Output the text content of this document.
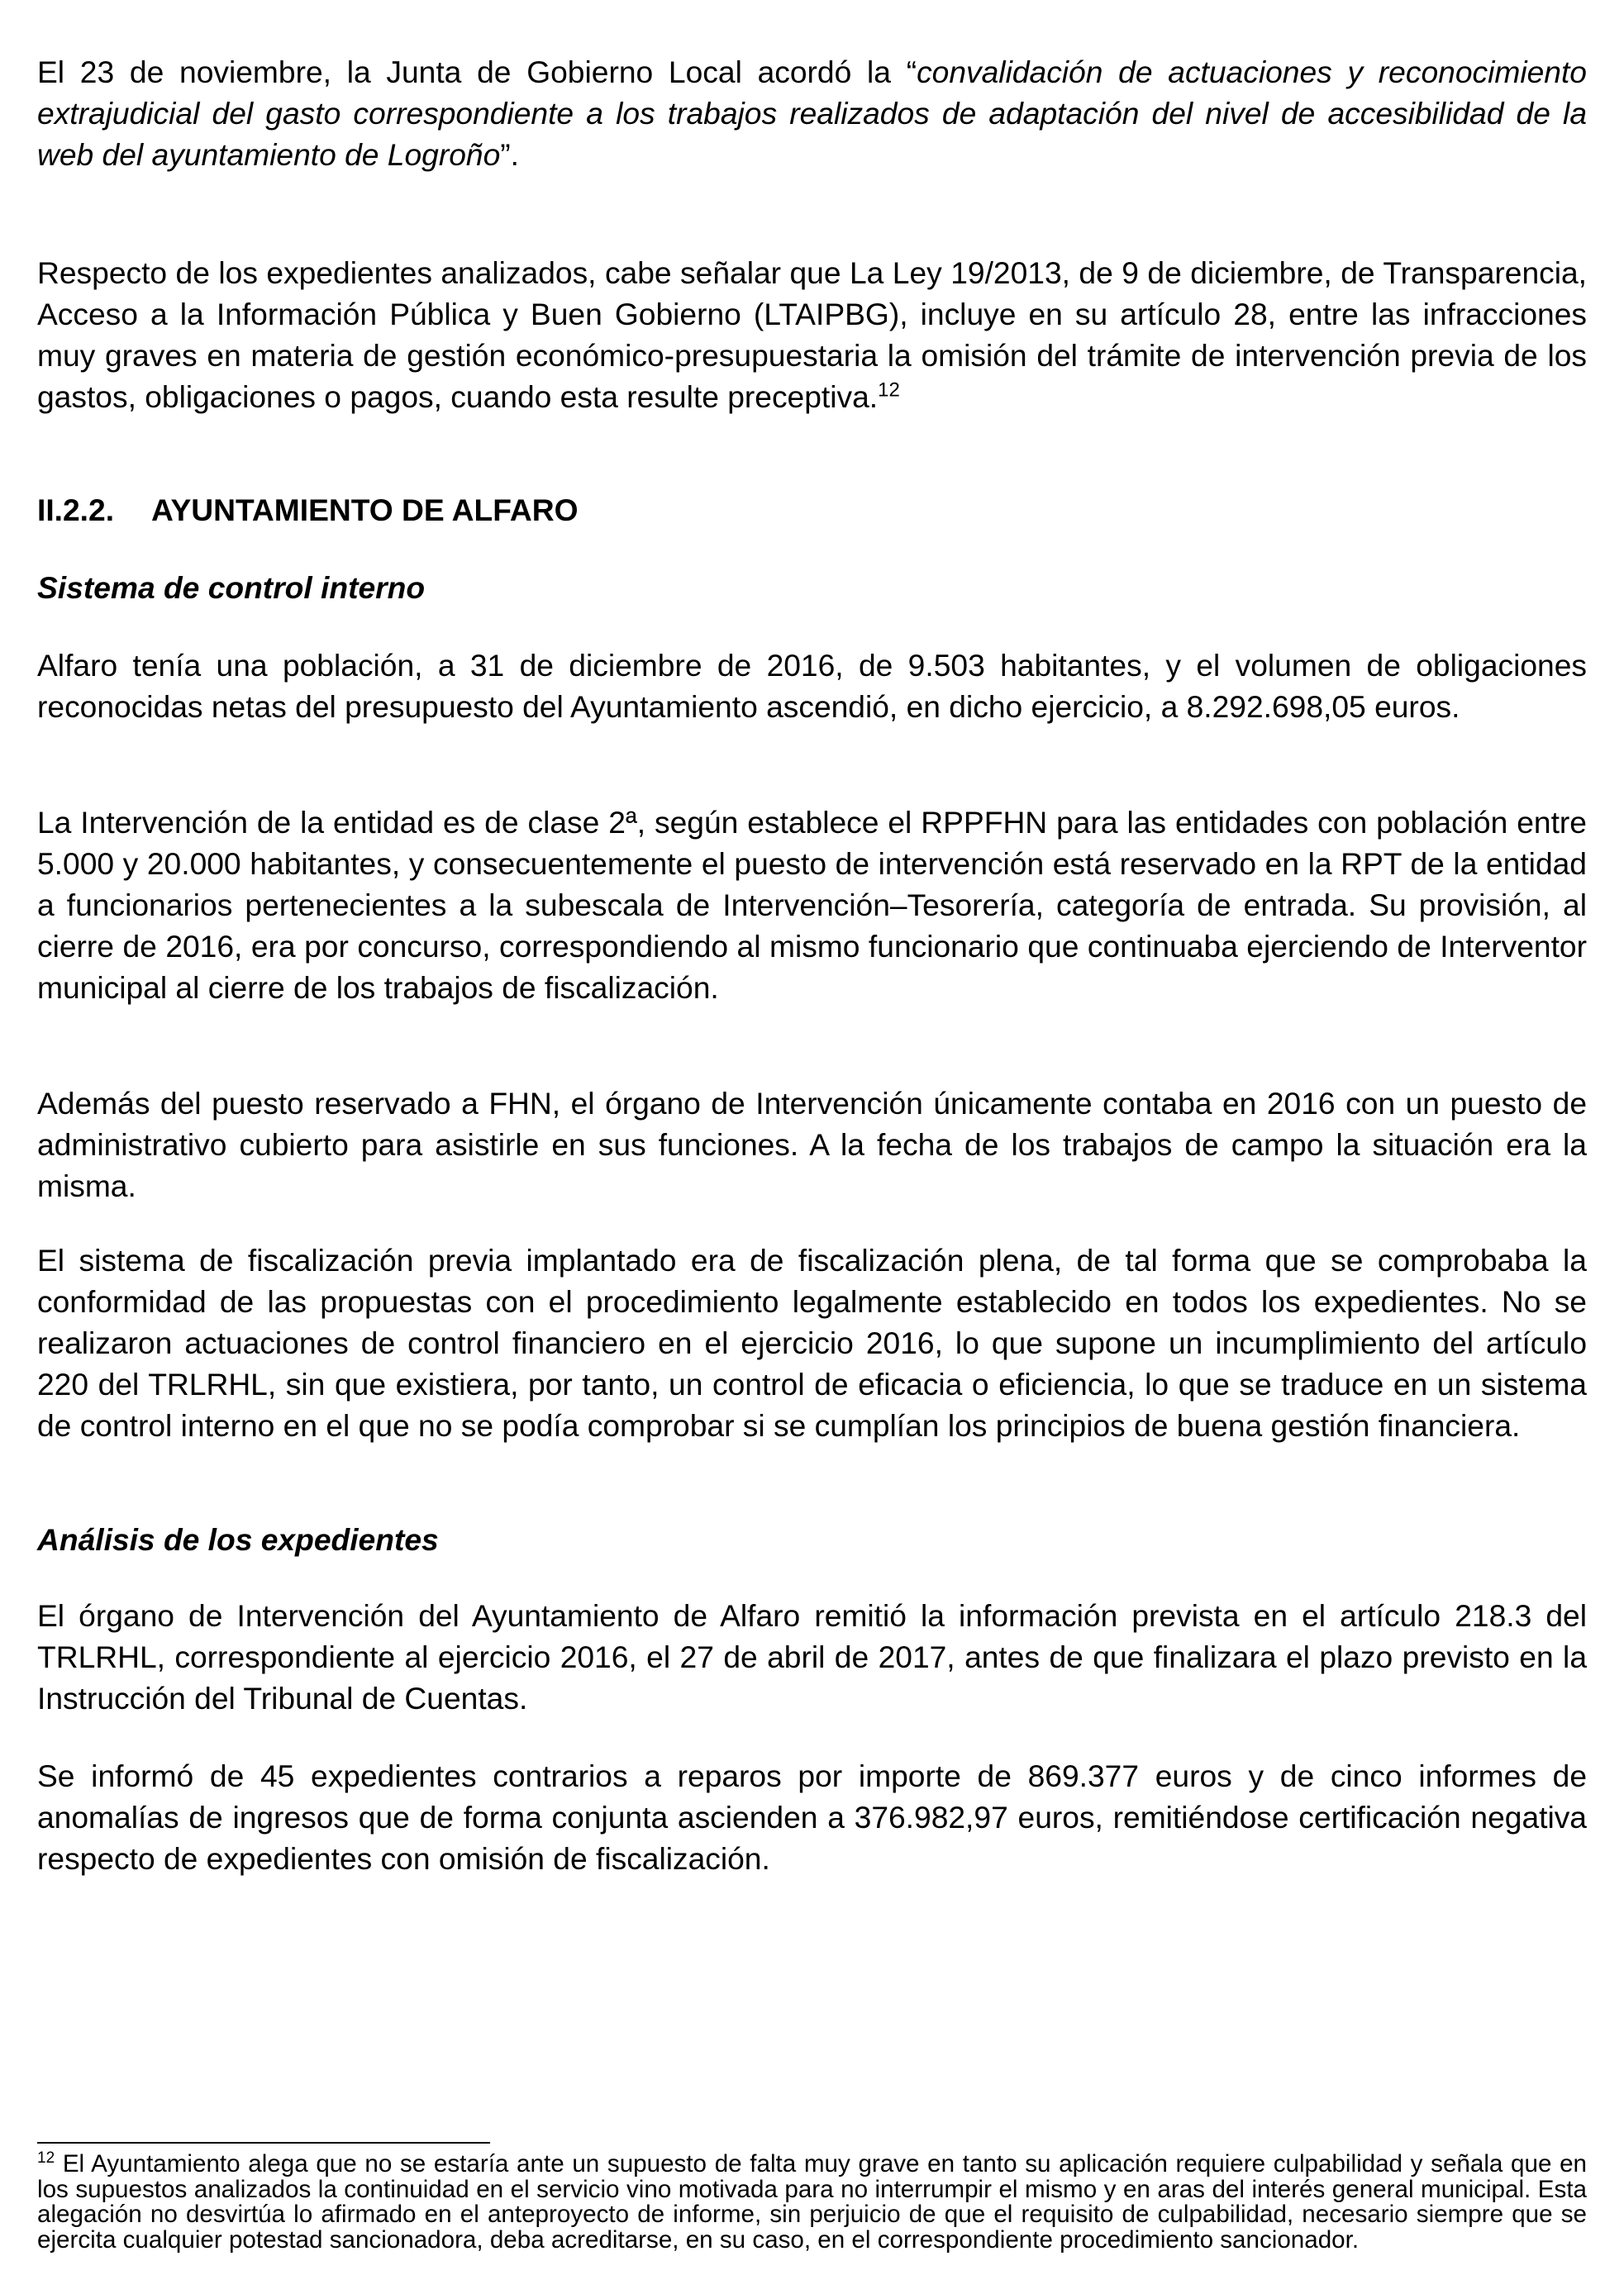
El 23 de noviembre, la Junta de Gobierno Local acordó la “convalidación de actuaciones y reconocimiento extrajudicial del gasto correspondiente a los trabajos realizados de adaptación del nivel de accesibilidad de la web del ayuntamiento de Logroño”.

Respecto de los expedientes analizados, cabe señalar que La Ley 19/2013, de 9 de diciembre, de Transparencia, Acceso a la Información Pública y Buen Gobierno (LTAIPBG), incluye en su artículo 28, entre las infracciones muy graves en materia de gestión económico-presupuestaria la omisión del trámite de intervención previa de los gastos, obligaciones o pagos, cuando esta resulte preceptiva.$^{12}$

II.2.2. AYUNTAMIENTO DE ALFARO
Sistema de control interno

Alfaro tenía una población, a 31 de diciembre de 2016, de 9.503 habitantes, y el volumen de obligaciones reconocidas netas del presupuesto del Ayuntamiento ascendió, en dicho ejercicio, a 8.292.698,05 euros.

La Intervención de la entidad es de clase 2ª, según establece el RPPFHN para las entidades con población entre 5.000 y 20.000 habitantes, y consecuentemente el puesto de intervención está reservado en la RPT de la entidad a funcionarios pertenecientes a la subescala de Intervención–Tesorería, categoría de entrada. Su provisión, al cierre de 2016, era por concurso, correspondiendo al mismo funcionario que continuaba ejerciendo de Interventor municipal al cierre de los trabajos de fiscalización.

Además del puesto reservado a FHN, el órgano de Intervención únicamente contaba en 2016 con un puesto de administrativo cubierto para asistirle en sus funciones. A la fecha de los trabajos de campo la situación era la misma.

El sistema de fiscalización previa implantado era de fiscalización plena, de tal forma que se comprobaba la conformidad de las propuestas con el procedimiento legalmente establecido en todos los expedientes. No se realizaron actuaciones de control financiero en el ejercicio 2016, lo que supone un incumplimiento del artículo 220 del TRLRHL, sin que existiera, por tanto, un control de eficacia o eficiencia, lo que se traduce en un sistema de control interno en el que no se podía comprobar si se cumplían los principios de buena gestión financiera.

Análisis de los expedientes

El órgano de Intervención del Ayuntamiento de Alfaro remitió la información prevista en el artículo 218.3 del TRLRHL, correspondiente al ejercicio 2016, el 27 de abril de 2017, antes de que finalizara el plazo previsto en la Instrucción del Tribunal de Cuentas.

Se informó de 45 expedientes contrarios a reparos por importe de 869.377 euros y de cinco informes de anomalías de ingresos que de forma conjunta ascienden a 376.982,97 euros, remitiéndose certificación negativa respecto de expedientes con omisión de fiscalización.

$^{12}$ El Ayuntamiento alega que no se estaría ante un supuesto de falta muy grave en tanto su aplicación requiere culpabilidad y señala que en los supuestos analizados la continuidad en el servicio vino motivada para no interrumpir el mismo y en aras del interés general municipal. Esta alegación no desvirtúa lo afirmado en el anteproyecto de informe, sin perjuicio de que el requisito de culpabilidad, necesario siempre que se ejercita cualquier potestad sancionadora, deba acreditarse, en su caso, en el correspondiente procedimiento sancionador.
